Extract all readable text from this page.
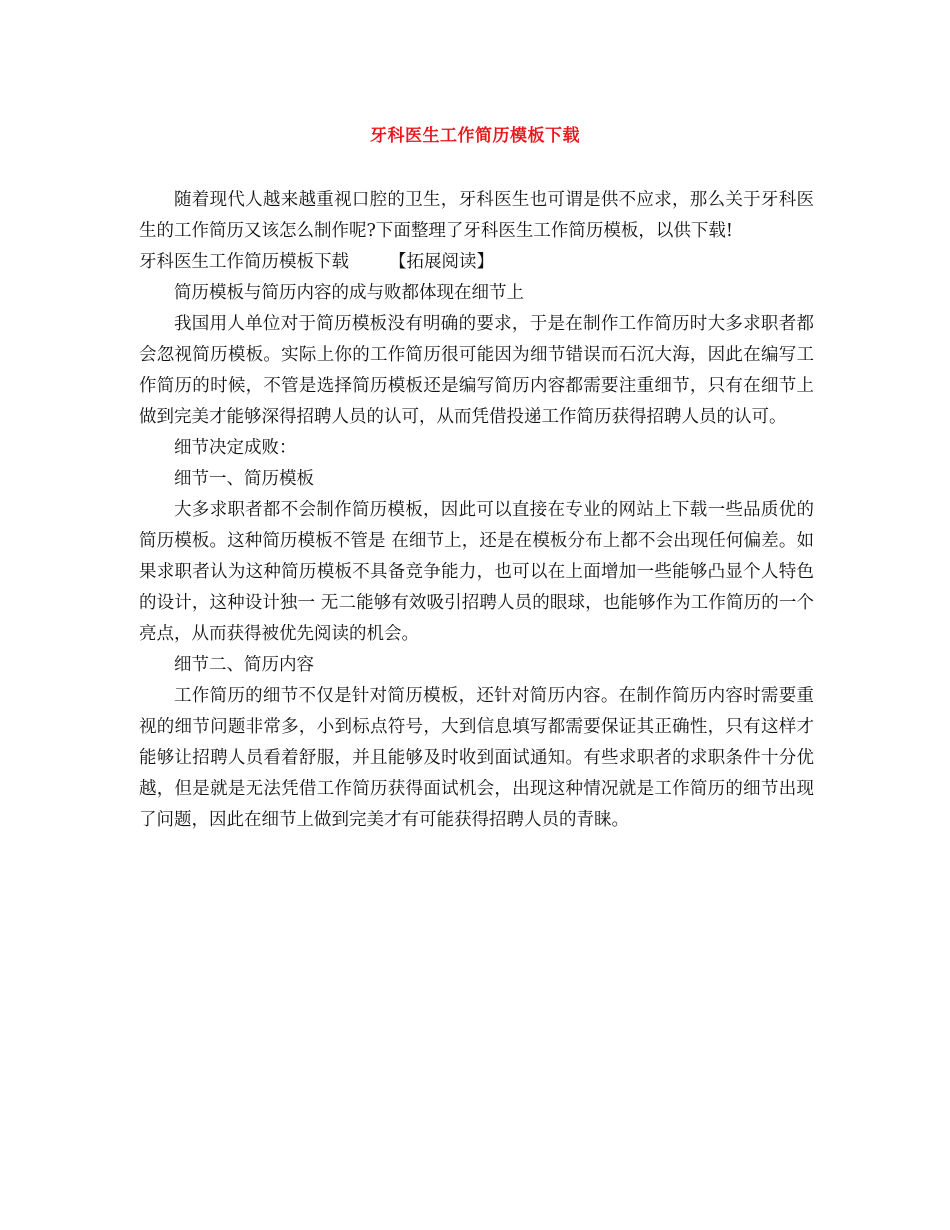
牙科医生工作简历模板下载

随着现代人越来越重视口腔的卫生，牙科医生也可谓是供不应求，那么关于牙科医生的工作简历又该怎么制作呢?下面整理了牙科医生工作简历模板，以供下载!

牙科医生工作简历模板下载 【拓展阅读】

简历模板与简历内容的成与败都体现在细节上

我国用人单位对于简历模板没有明确的要求，于是在制作工作简历时大多求职者都会忽视简历模板。实际上你的工作简历很可能因为细节错误而石沉大海，因此在编写工作简历的时候，不管是选择简历模板还是编写简历内容都需要注重细节，只有在细节上做到完美才能够深得招聘人员的认可，从而凭借投递工作简历获得招聘人员的认可。

细节决定成败：

细节一、简历模板

大多求职者都不会制作简历模板，因此可以直接在专业的网站上下载一些品质优的简历模板。这种简历模板不管是 在细节上，还是在模板分布上都不会出现任何偏差。如果求职者认为这种简历模板不具备竞争能力，也可以在上面增加一些能够凸显个人特色的设计，这种设计独一 无二能够有效吸引招聘人员的眼球，也能够作为工作简历的一个亮点，从而获得被优先阅读的机会。

细节二、简历内容

工作简历的细节不仅是针对简历模板，还针对简历内容。在制作简历内容时需要重视的细节问题非常多，小到标点符号，大到信息填写都需要保证其正确性，只有这样才能够让招聘人员看着舒服，并且能够及时收到面试通知。有些求职者的求职条件十分优越，但是就是无法凭借工作简历获得面试机会，出现这种情况就是工作简历的细节出现了问题，因此在细节上做到完美才有可能获得招聘人员的青睐。
